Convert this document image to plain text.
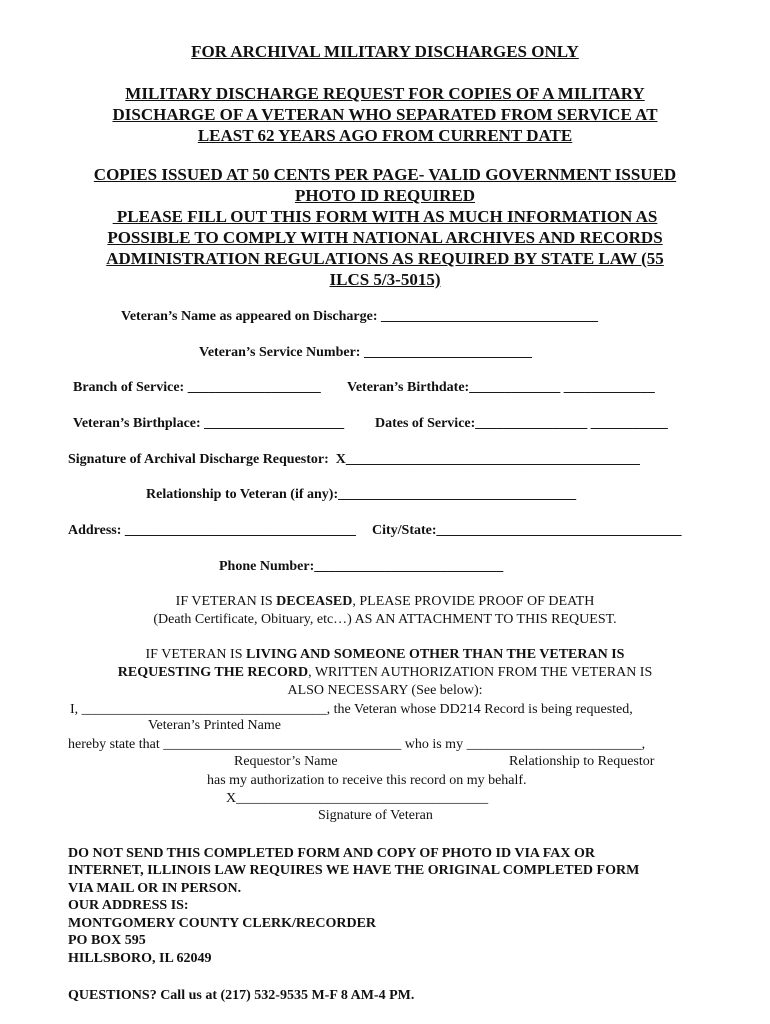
FOR ARCHIVAL MILITARY DISCHARGES ONLY
MILITARY DISCHARGE REQUEST FOR COPIES OF A MILITARY
DISCHARGE OF A VETERAN WHO SEPARATED FROM SERVICE AT
LEAST 62 YEARS AGO FROM CURRENT DATE
COPIES ISSUED AT 50 CENTS PER PAGE- VALID GOVERNMENT ISSUED
PHOTO ID REQUIRED
PLEASE FILL OUT THIS FORM WITH AS MUCH INFORMATION AS
POSSIBLE TO COMPLY WITH NATIONAL ARCHIVES AND RECORDS
ADMINISTRATION REGULATIONS AS REQUIRED BY STATE LAW (55
ILCS 5/3-5015)
Veteran’s Name as appeared on Discharge: _______________________________
Veteran’s Service Number: ________________________
Branch of Service: ___________________ Veteran’s Birthdate:_____________ _____________
Veteran’s Birthplace: ____________________ Dates of Service:________________ ___________
Signature of Archival Discharge Requestor:  X__________________________________________
Relationship to Veteran (if any):__________________________________
Address: _________________________________ City/State:___________________________________
Phone Number:___________________________
IF VETERAN IS DECEASED, PLEASE PROVIDE PROOF OF DEATH
(Death Certificate, Obituary, etc…) AS AN ATTACHMENT TO THIS REQUEST.
IF VETERAN IS LIVING AND SOMEONE OTHER THAN THE VETERAN IS
REQUESTING THE RECORD, WRITTEN AUTHORIZATION FROM THE VETERAN IS
ALSO NECESSARY (See below):
I, ___________________________________, the Veteran whose DD214 Record is being requested,
Veteran’s Printed Name
hereby state that __________________________________ who is my _________________________,
Requestor’s Name	Relationship to Requestor
has my authorization to receive this record on my behalf.
X____________________________________
Signature of Veteran
DO NOT SEND THIS COMPLETED FORM AND COPY OF PHOTO ID VIA FAX OR
INTERNET, ILLINOIS LAW REQUIRES WE HAVE THE ORIGINAL COMPLETED FORM
VIA MAIL OR IN PERSON.
OUR ADDRESS IS:
MONTGOMERY COUNTY CLERK/RECORDER
PO BOX 595
HILLSBORO, IL 62049
QUESTIONS? Call us at (217) 532-9535 M-F 8 AM-4 PM.
